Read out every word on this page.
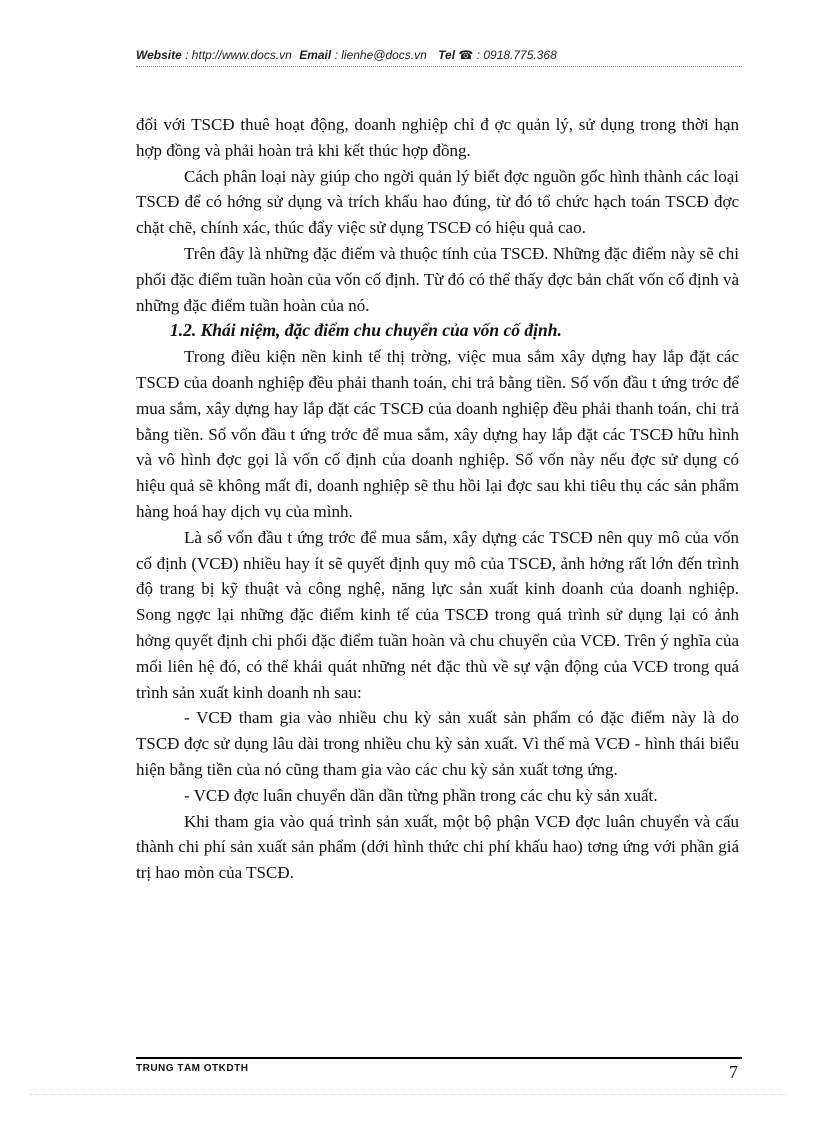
Website : http://www.docs.vn Email : lienhe@docs.vn Tel ☎ : 0918.775.368

đối với TSCĐ thuê hoạt động, doanh nghiệp chỉ đ ợc quản lý, sử dụng trong thời hạn hợp đồng và phải hoàn trả khi kết thúc hợp đồng.

Cách phân loại này giúp cho ngời quản lý biết đợc nguồn gốc hình thành các loại TSCĐ để có hớng sử dụng và trích khấu hao đúng, từ đó tổ chức hạch toán TSCĐ đợc chặt chẽ, chính xác, thúc đẩy việc sử dụng TSCĐ có hiệu quả cao.

Trên đây là những đặc điểm và thuộc tính của TSCĐ. Những đặc điểm này sẽ chi phối đặc điểm tuần hoàn của vốn cố định. Từ đó có thể thấy đợc bản chất vốn cố định và những đặc điểm tuần hoàn của nó.

1.2. Khái niệm, đặc điểm chu chuyển của vốn cố định.

Trong điều kiện nền kinh tế thị trờng, việc mua sắm xây dựng hay lắp đặt các TSCĐ của doanh nghiệp đều phải thanh toán, chi trả bằng tiền. Số vốn đầu t ứng trớc để mua sắm, xây dựng hay lắp đặt các TSCĐ của doanh nghiệp đều phải thanh toán, chi trả bằng tiền. Số vốn đầu t ứng trớc để mua sắm, xây dựng hay lắp đặt các TSCĐ hữu hình và vô hình đợc gọi là vốn cố định của doanh nghiệp. Số vốn này nếu đợc sử dụng có hiệu quả sẽ không mất đi, doanh nghiệp sẽ thu hồi lại đợc sau khi tiêu thụ các sản phẩm hàng hoá hay dịch vụ của mình.

Là số vốn đầu t ứng trớc để mua sắm, xây dựng các TSCĐ nên quy mô của vốn cố định (VCĐ) nhiều hay ít sẽ quyết định quy mô của TSCĐ, ảnh hởng rất lớn đến trình độ trang bị kỹ thuật và công nghệ, năng lực sản xuất kinh doanh của doanh nghiệp. Song ngợc lại những đặc điểm kinh tế của TSCĐ trong quá trình sử dụng lại có ảnh hởng quyết định chi phối đặc điểm tuần hoàn và chu chuyển của VCĐ. Trên ý nghĩa của mối liên hệ đó, có thể khái quát những nét đặc thù về sự vận động của VCĐ trong quá trình sản xuất kinh doanh nh sau:

- VCĐ tham gia vào nhiều chu kỳ sản xuất sản phẩm có đặc điểm này là do TSCĐ đợc sử dụng lâu dài trong nhiều chu kỳ sản xuất. Vì thế mà VCĐ - hình thái biểu hiện bằng tiền của nó cũng tham gia vào các chu kỳ sản xuất tơng ứng.

- VCĐ đợc luân chuyển dần dần từng phần trong các chu kỳ sản xuất.

Khi tham gia vào quá trình sản xuất, một bộ phận VCĐ đợc luân chuyển và cấu thành chi phí sản xuất sản phẩm (dới hình thức chi phí khấu hao) tơng ứng với phần giá trị hao mòn của TSCĐ.

TRUNG TÂM OTKDTH	7
